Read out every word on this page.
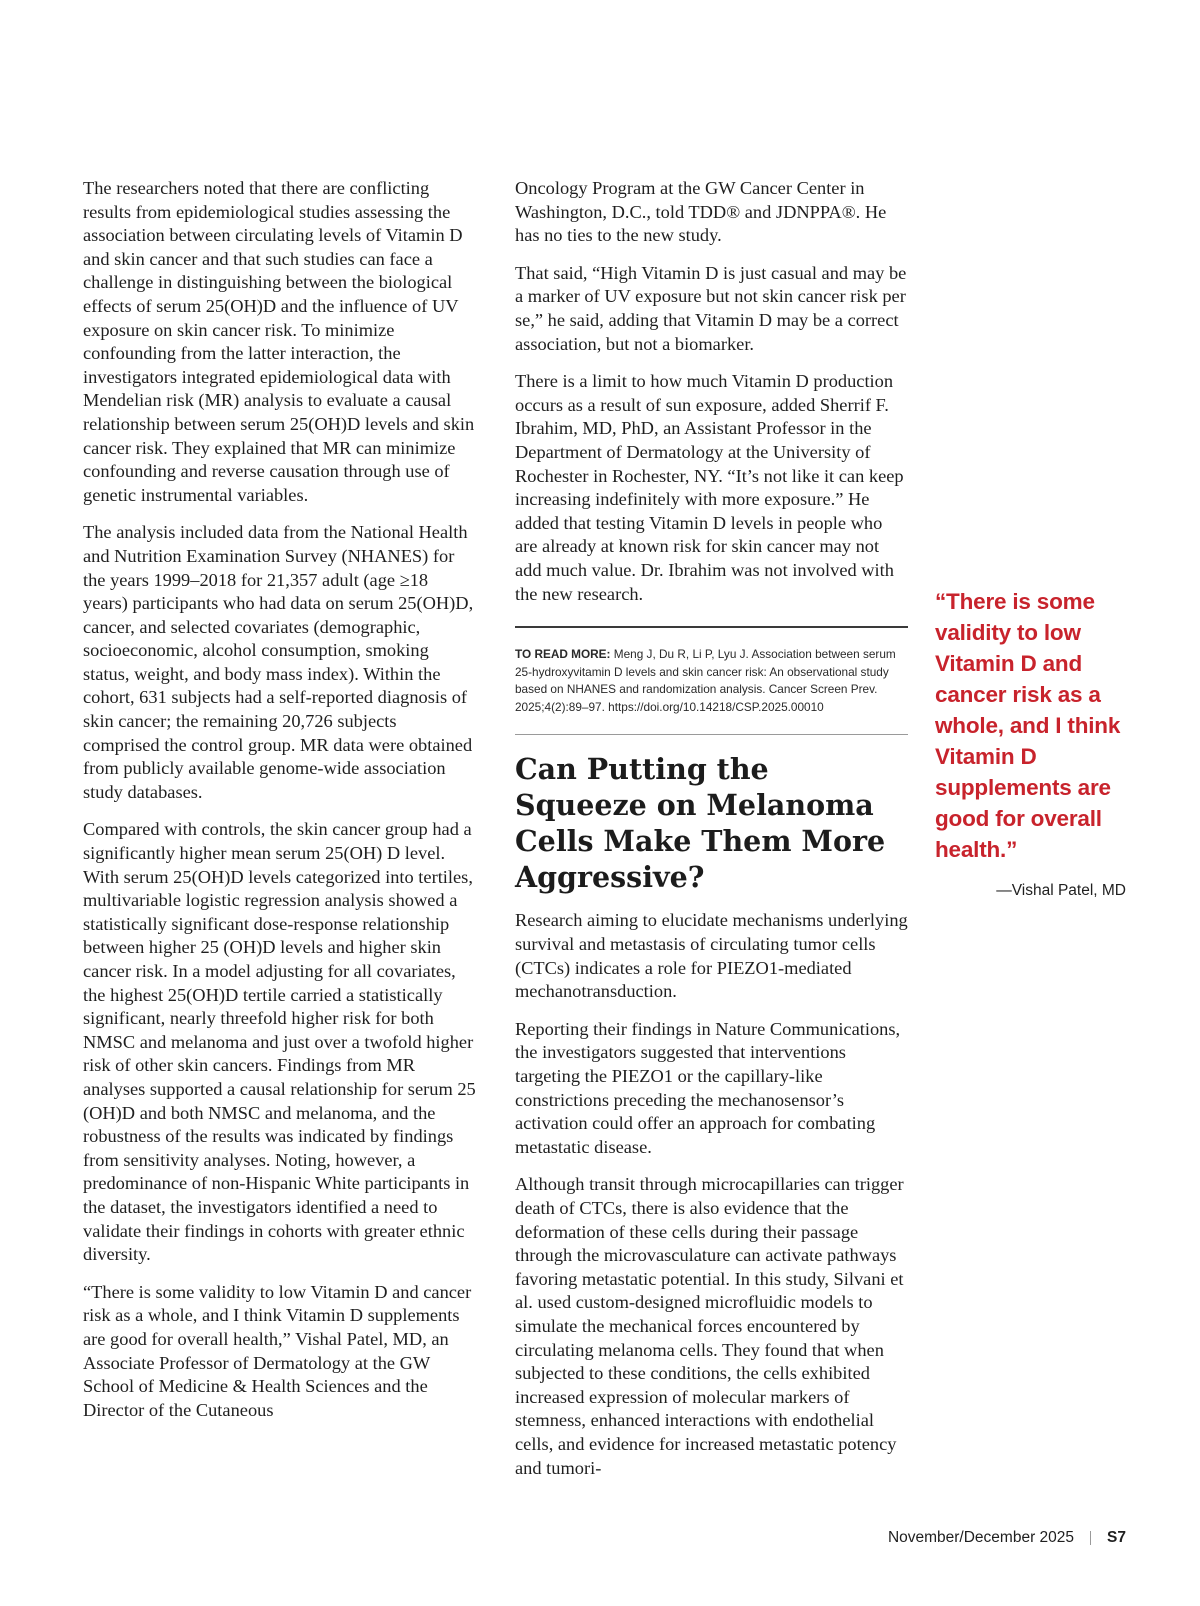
The researchers noted that there are conflicting results from epidemiological studies assessing the association between circulating levels of Vitamin D and skin cancer and that such studies can face a challenge in distinguishing between the biological effects of serum 25(OH)D and the influence of UV exposure on skin cancer risk. To minimize confounding from the latter interaction, the investigators integrated epidemiological data with Mendelian risk (MR) analysis to evaluate a causal relationship between serum 25(OH)D levels and skin cancer risk. They explained that MR can minimize confounding and reverse causation through use of genetic instrumental variables.

The analysis included data from the National Health and Nutrition Examination Survey (NHANES) for the years 1999–2018 for 21,357 adult (age ≥18 years) participants who had data on serum 25(OH)D, cancer, and selected covariates (demographic, socioeconomic, alcohol consumption, smoking status, weight, and body mass index). Within the cohort, 631 subjects had a self-reported diagnosis of skin cancer; the remaining 20,726 subjects comprised the control group. MR data were obtained from publicly available genome-wide association study databases.

Compared with controls, the skin cancer group had a significantly higher mean serum 25(OH) D level. With serum 25(OH)D levels categorized into tertiles, multivariable logistic regression analysis showed a statistically significant dose-response relationship between higher 25 (OH)D levels and higher skin cancer risk. In a model adjusting for all covariates, the highest 25(OH)D tertile carried a statistically significant, nearly threefold higher risk for both NMSC and melanoma and just over a twofold higher risk of other skin cancers. Findings from MR analyses supported a causal relationship for serum 25 (OH)D and both NMSC and melanoma, and the robustness of the results was indicated by findings from sensitivity analyses. Noting, however, a predominance of non-Hispanic White participants in the dataset, the investigators identified a need to validate their findings in cohorts with greater ethnic diversity.

“There is some validity to low Vitamin D and cancer risk as a whole, and I think Vitamin D supplements are good for overall health,” Vishal Patel, MD, an Associate Professor of Dermatology at the GW School of Medicine & Health Sciences and the Director of the Cutaneous

Oncology Program at the GW Cancer Center in Washington, D.C., told TDD® and JDNPPA®. He has no ties to the new study.

That said, “High Vitamin D is just casual and may be a marker of UV exposure but not skin cancer risk per se,” he said, adding that Vitamin D may be a correct association, but not a biomarker.

There is a limit to how much Vitamin D production occurs as a result of sun exposure, added Sherrif F. Ibrahim, MD, PhD, an Assistant Professor in the Department of Dermatology at the University of Rochester in Rochester, NY. “It’s not like it can keep increasing indefinitely with more exposure.” He added that testing Vitamin D levels in people who are already at known risk for skin cancer may not add much value. Dr. Ibrahim was not involved with the new research.

TO READ MORE: Meng J, Du R, Li P, Lyu J. Association between serum 25-hydroxyvitamin D levels and skin cancer risk: An observational study based on NHANES and randomization analysis. Cancer Screen Prev. 2025;4(2):89–97. https://doi.org/10.14218/CSP.2025.00010

Can Putting the Squeeze on Melanoma Cells Make Them More Aggressive?

Research aiming to elucidate mechanisms underlying survival and metastasis of circulating tumor cells (CTCs) indicates a role for PIEZO1-mediated mechanotransduction.

Reporting their findings in Nature Communications, the investigators suggested that interventions targeting the PIEZO1 or the capillary-like constrictions preceding the mechanosensor’s activation could offer an approach for combating metastatic disease.

Although transit through microcapillaries can trigger death of CTCs, there is also evidence that the deformation of these cells during their passage through the microvasculature can activate pathways favoring metastatic potential. In this study, Silvani et al. used custom-designed microfluidic models to simulate the mechanical forces encountered by circulating melanoma cells. They found that when subjected to these conditions, the cells exhibited increased expression of molecular markers of stemness, enhanced interactions with endothelial cells, and evidence for increased metastatic potency and tumori-

“There is some validity to low Vitamin D and cancer risk as a whole, and I think Vitamin D supplements are good for overall health.”
—Vishal Patel, MD
November/December 2025 S7
